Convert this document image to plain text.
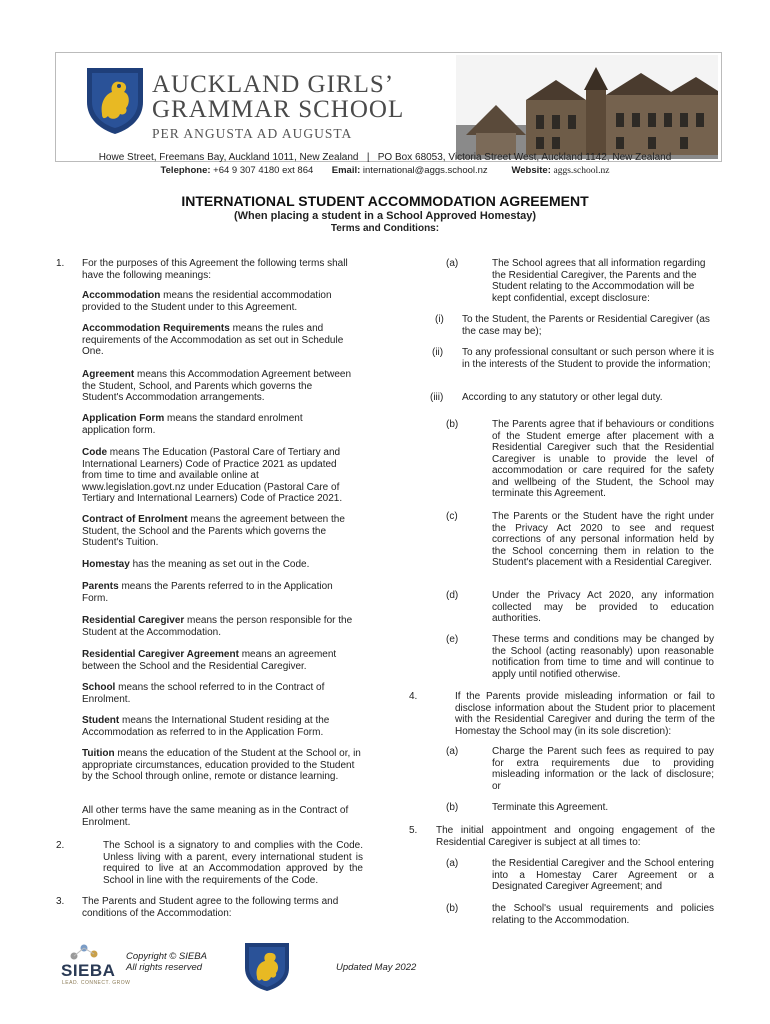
AUCKLAND GIRLS’
GRAMMAR SCHOOL
PER ANGUSTA AD AUGUSTA
Howe Street, Freemans Bay, Auckland 1011, New Zealand | PO Box 68053, Victoria Street West, Auckland 1142, New Zealand
Telephone: +64 9 307 4180 ext 864 Email: international@aggs.school.nz	Website: aggs.school.nz
INTERNATIONAL STUDENT ACCOMMODATION AGREEMENT
(When placing a student in a School Approved Homestay)
Terms and Conditions:
1. For the purposes of this Agreement the following terms shall have the following meanings:
Accommodation means the residential accommodation provided to the Student under to this Agreement.
Accommodation Requirements means the rules and requirements of the Accommodation as set out in Schedule One.
Agreement means this Accommodation Agreement between the Student, School, and Parents which governs the Student's Accommodation arrangements.
Application Form means the standard enrolment application form.
Code means The Education (Pastoral Care of Tertiary and International Learners) Code of Practice 2021 as updated from time to time and available online at www.legislation.govt.nz under Education (Pastoral Care of Tertiary and International Learners) Code of Practice 2021.
Contract of Enrolment means the agreement between the Student, the School and the Parents which governs the Student's Tuition.
Homestay has the meaning as set out in the Code.
Parents means the Parents referred to in the Application Form.
Residential Caregiver means the person responsible for the Student at the Accommodation.
Residential Caregiver Agreement means an agreement between the School and the Residential Caregiver.
School means the school referred to in the Contract of Enrolment.
Student means the International Student residing at the Accommodation as referred to in the Application Form.
Tuition means the education of the Student at the School or, in appropriate circumstances, education provided to the Student by the School through online, remote or distance learning.
All other terms have the same meaning as in the Contract of Enrolment.
2.	The School is a signatory to and complies with the Code. Unless living with a parent, every international student is required to live at an Accommodation approved by the School in line with the requirements of the Code.
3. The Parents and Student agree to the following terms and conditions of the Accommodation:
(a)	The School agrees that all information regarding the Residential Caregiver, the Parents and the Student relating to the Accommodation will be kept confidential, except disclosure:
(i) To the Student, the Parents or Residential Caregiver (as the case may be);
(ii) To any professional consultant or such person where it is in the interests of the Student to provide the information;
(iii) According to any statutory or other legal duty.
(b)	The Parents agree that if behaviours or conditions of the Student emerge after placement with a Residential Caregiver such that the Residential Caregiver is unable to provide the level of accommodation or care required for the safety and wellbeing of the Student, the School may terminate this Agreement.
(c)	The Parents or the Student have the right under the Privacy Act 2020 to see and request corrections of any personal information held by the School concerning them in relation to the Student's placement with a Residential Caregiver.
(d)	Under the Privacy Act 2020, any information collected may be provided to education authorities.
(e)	These terms and conditions may be changed by the School (acting reasonably) upon reasonable notification from time to time and will continue to apply until notified otherwise.
4.	If the Parents provide misleading information or fail to disclose information about the Student prior to placement with the Residential Caregiver and during the term of the Homestay the School may (in its sole discretion):
(a)	Charge the Parent such fees as required to pay for extra requirements due to providing misleading information or the lack of disclosure; or
(b)	Terminate this Agreement.
5. The initial appointment and ongoing engagement of the Residential Caregiver is subject at all times to:
(a)	the Residential Caregiver and the School entering into a Homestay Carer Agreement or a Designated Caregiver Agreement; and
(b)	the School's usual requirements and policies relating to the Accommodation.
SIEBA
LEAD. CONNECT. GROW
Copyright © SIEBA
All rights reserved	Updated May 2022
